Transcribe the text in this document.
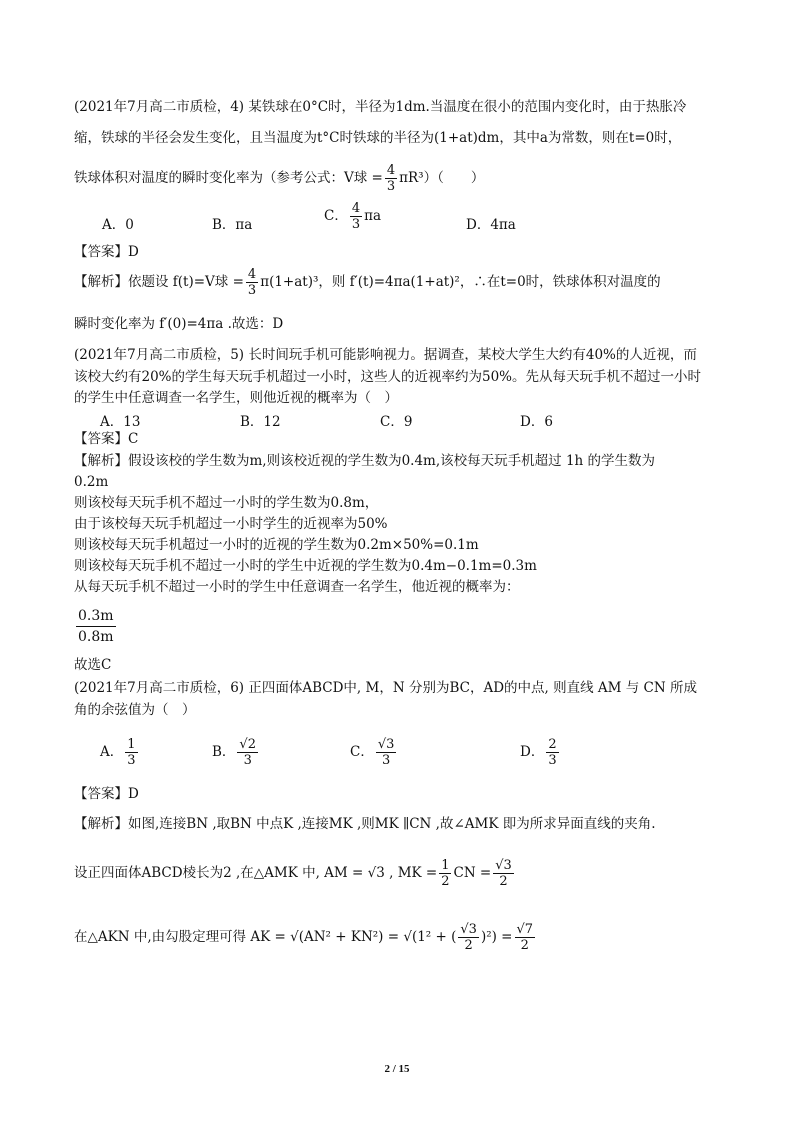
(2021年7月高二市质检，4) 某铁球在0°C时，半径为1dm.当温度在很小的范围内变化时，由于热胀冷
缩，铁球的半径会发生变化，且当温度为t°C时铁球的半径为(1+at)dm，其中a为常数，则在t=0时，
铁球体积对温度的瞬时变化率为（参考公式：V球 = $\frac{4}{3} \pi R^3$）（　　）
A．0	B．πa
C． $\frac{4}{3}$ πa
D．4πa
【答案】D
【解析】依题设 f(t)=V球 = $\frac{4}{3} \pi(1+at)^3$，则 f′(t)=4πa(1+at)²，∴在t=0时，铁球体积对温度的
瞬时变化率为 f′(0)=4πa .故选：D
(2021年7月高二市质检，5) 长时间玩手机可能影响视力。据调查，某校大学生大约有40%的人近视，而
该校大约有20%的学生每天玩手机超过一小时，这些人的近视率约为50%。先从每天玩手机不超过一小时
的学生中任意调查一名学生，则他近视的概率为（　）
A．13	B．12	C．9	D．6
【答案】C
【解析】假设该校的学生数为m,则该校近视的学生数为0.4m,该校每天玩手机超过 1h 的学生数为
0.2m
则该校每天玩手机不超过一小时的学生数为0.8m，
由于该校每天玩手机超过一小时学生的近视率为50%
则该校每天玩手机超过一小时的近视的学生数为0.2m×50%=0.1m
则该校每天玩手机不超过一小时的学生中近视的学生数为0.4m−0.1m=0.3m
从每天玩手机不超过一小时的学生中任意调查一名学生，他近视的概率为：
$\frac{0.3m}{0.8m}$
故选C
(2021年7月高二市质检，6) 正四面体ABCD中, M，N 分别为BC，AD的中点, 则直线 AM 与 CN 所成
角的余弦值为（　）
A． $\frac{1}{3}$	B． $\frac{√2}{3}$	C． $\frac{√3}{3}$	D． $\frac{2}{3}$
【答案】D
【解析】如图,连接BN ,取BN 中点K ,连接MK ,则MK ∥CN ,故∠AMK 即为所求异面直线的夹角.
设正四面体ABCD棱长为2 ,在△AMK 中, AM = √3 , MK = $\frac{1}{2}$ CN = $\frac{√3}{2}$
在△AKN 中,由勾股定理可得 AK = √(AN² + KN²) = √(1² + ( $\frac{√3}{2} )^2) = \frac{√7}{2}$
2 / 15
